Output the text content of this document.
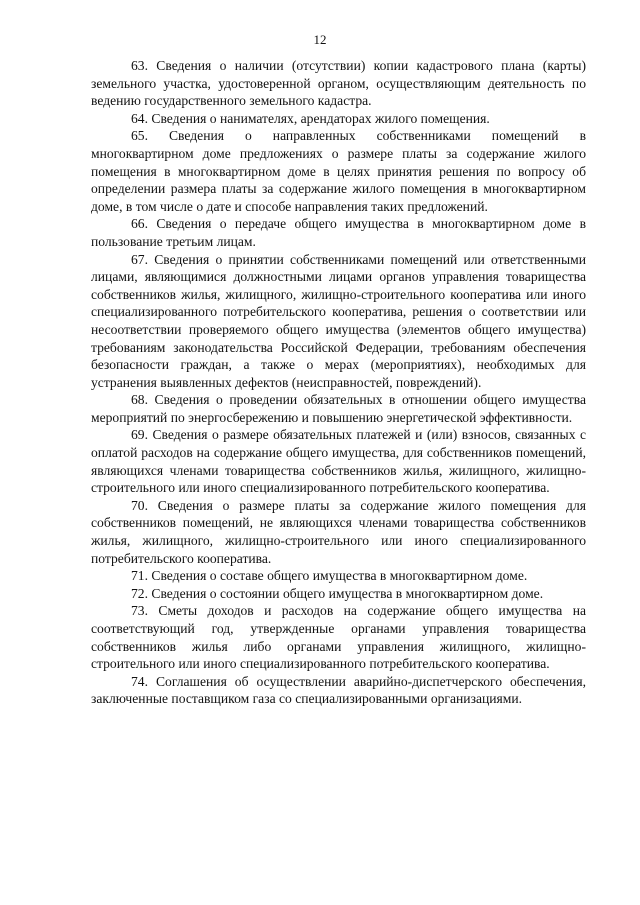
12

63. Сведения о наличии (отсутствии) копии кадастрового плана (карты) земельного участка, удостоверенной органом, осуществляющим деятельность по ведению государственного земельного кадастра.

64. Сведения о нанимателях, арендаторах жилого помещения.

65. Сведения о направленных собственниками помещений в многоквартирном доме предложениях о размере платы за содержание жилого помещения в многоквартирном доме в целях принятия решения по вопросу об определении размера платы за содержание жилого помещения в многоквартирном доме, в том числе о дате и способе направления таких предложений.

66. Сведения о передаче общего имущества в многоквартирном доме в пользование третьим лицам.

67. Сведения о принятии собственниками помещений или ответственными лицами, являющимися должностными лицами органов управления товарищества собственников жилья, жилищного, жилищно-строительного кооператива или иного специализированного потребительского кооператива, решения о соответствии или несоответствии проверяемого общего имущества (элементов общего имущества) требованиям законодательства Российской Федерации, требованиям обеспечения безопасности граждан, а также о мерах (мероприятиях), необходимых для устранения выявленных дефектов (неисправностей, повреждений).

68. Сведения о проведении обязательных в отношении общего имущества мероприятий по энергосбережению и повышению энергетической эффективности.

69. Сведения о размере обязательных платежей и (или) взносов, связанных с оплатой расходов на содержание общего имущества, для собственников помещений, являющихся членами товарищества собственников жилья, жилищного, жилищно-строительного или иного специализированного потребительского кооператива.

70. Сведения о размере платы за содержание жилого помещения для собственников помещений, не являющихся членами товарищества собственников жилья, жилищного, жилищно-строительного или иного специализированного потребительского кооператива.

71. Сведения о составе общего имущества в многоквартирном доме.

72. Сведения о состоянии общего имущества в многоквартирном доме.

73. Сметы доходов и расходов на содержание общего имущества на соответствующий год, утвержденные органами управления товарищества собственников жилья либо органами управления жилищного, жилищно-строительного или иного специализированного потребительского кооператива.

74. Соглашения об осуществлении аварийно-диспетчерского обеспечения, заключенные поставщиком газа со специализированными организациями.
